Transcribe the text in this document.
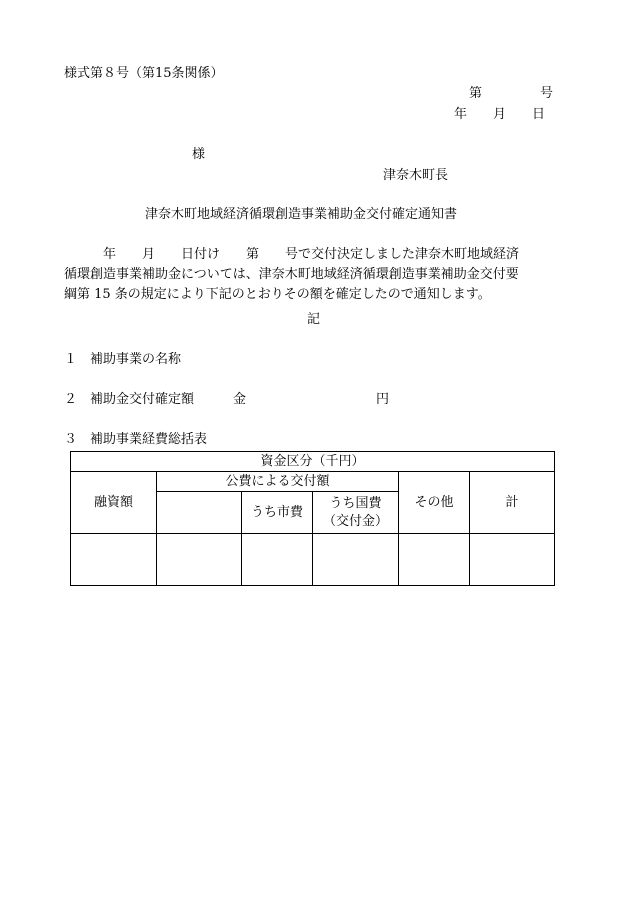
様式第８号（第15条関係）
第	号
年　　月　　日
様
津奈木町長
津奈木町地域経済循環創造事業補助金交付確定通知書
　　　年　　月　　日付け　　第　　号で交付決定しました津奈木町地域経済
循環創造事業補助金については、津奈木町地域経済循環創造事業補助金交付要
綱第 15 条の規定により下記のとおりその額を確定したので通知します。
記
１　補助事業の名称
２　補助金交付確定額　　　金　　　　　　　　　　円
３　補助事業経費総括表
資金区分（千円）					
融資額	公費による交付額			その他	計
		うち市費	うち国費
（交付金）		
